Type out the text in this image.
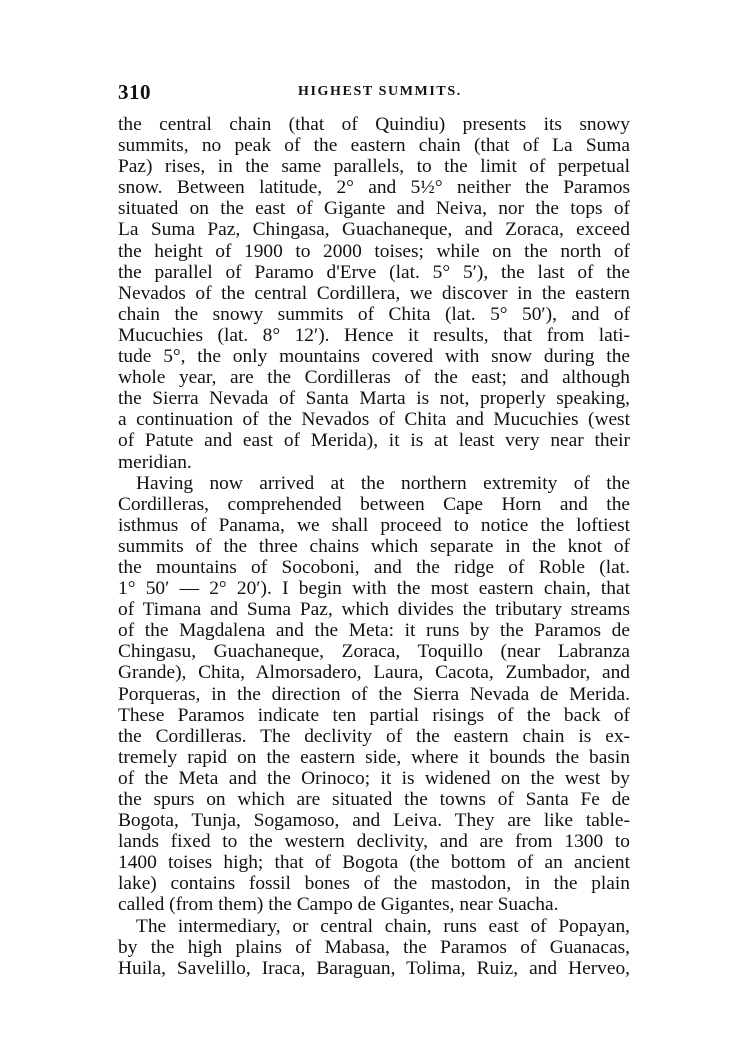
310	HIGHEST SUMMITS.
the central chain (that of Quindiu) presents its snowy
summits, no peak of the eastern chain (that of La Suma
Paz) rises, in the same parallels, to the limit of perpetual
snow. Between latitude, 2° and 5½° neither the Paramos
situated on the east of Gigante and Neiva, nor the tops of
La Suma Paz, Chingasa, Guachaneque, and Zoraca, exceed
the height of 1900 to 2000 toises; while on the north of
the parallel of Paramo d'Erve (lat. 5° 5′), the last of the
Nevados of the central Cordillera, we discover in the eastern
chain the snowy summits of Chita (lat. 5° 50′), and of
Mucuchies (lat. 8° 12′). Hence it results, that from lati-
tude 5°, the only mountains covered with snow during the
whole year, are the Cordilleras of the east; and although
the Sierra Nevada of Santa Marta is not, properly speaking,
a continuation of the Nevados of Chita and Mucuchies (west
of Patute and east of Merida), it is at least very near their
meridian.
Having now arrived at the northern extremity of the
Cordilleras, comprehended between Cape Horn and the
isthmus of Panama, we shall proceed to notice the loftiest
summits of the three chains which separate in the knot of
the mountains of Socoboni, and the ridge of Roble (lat.
1° 50′ — 2° 20′). I begin with the most eastern chain, that
of Timana and Suma Paz, which divides the tributary streams
of the Magdalena and the Meta: it runs by the Paramos de
Chingasu, Guachaneque, Zoraca, Toquillo (near Labranza
Grande), Chita, Almorsadero, Laura, Cacota, Zumbador, and
Porqueras, in the direction of the Sierra Nevada de Merida.
These Paramos indicate ten partial risings of the back of
the Cordilleras. The declivity of the eastern chain is ex-
tremely rapid on the eastern side, where it bounds the basin
of the Meta and the Orinoco; it is widened on the west by
the spurs on which are situated the towns of Santa Fe de
Bogota, Tunja, Sogamoso, and Leiva. They are like table-
lands fixed to the western declivity, and are from 1300 to
1400 toises high; that of Bogota (the bottom of an ancient
lake) contains fossil bones of the mastodon, in the plain
called (from them) the Campo de Gigantes, near Suacha.
The intermediary, or central chain, runs east of Popayan,
by the high plains of Mabasa, the Paramos of Guanacas,
Huila, Savelillo, Iraca, Baraguan, Tolima, Ruiz, and Herveo,
